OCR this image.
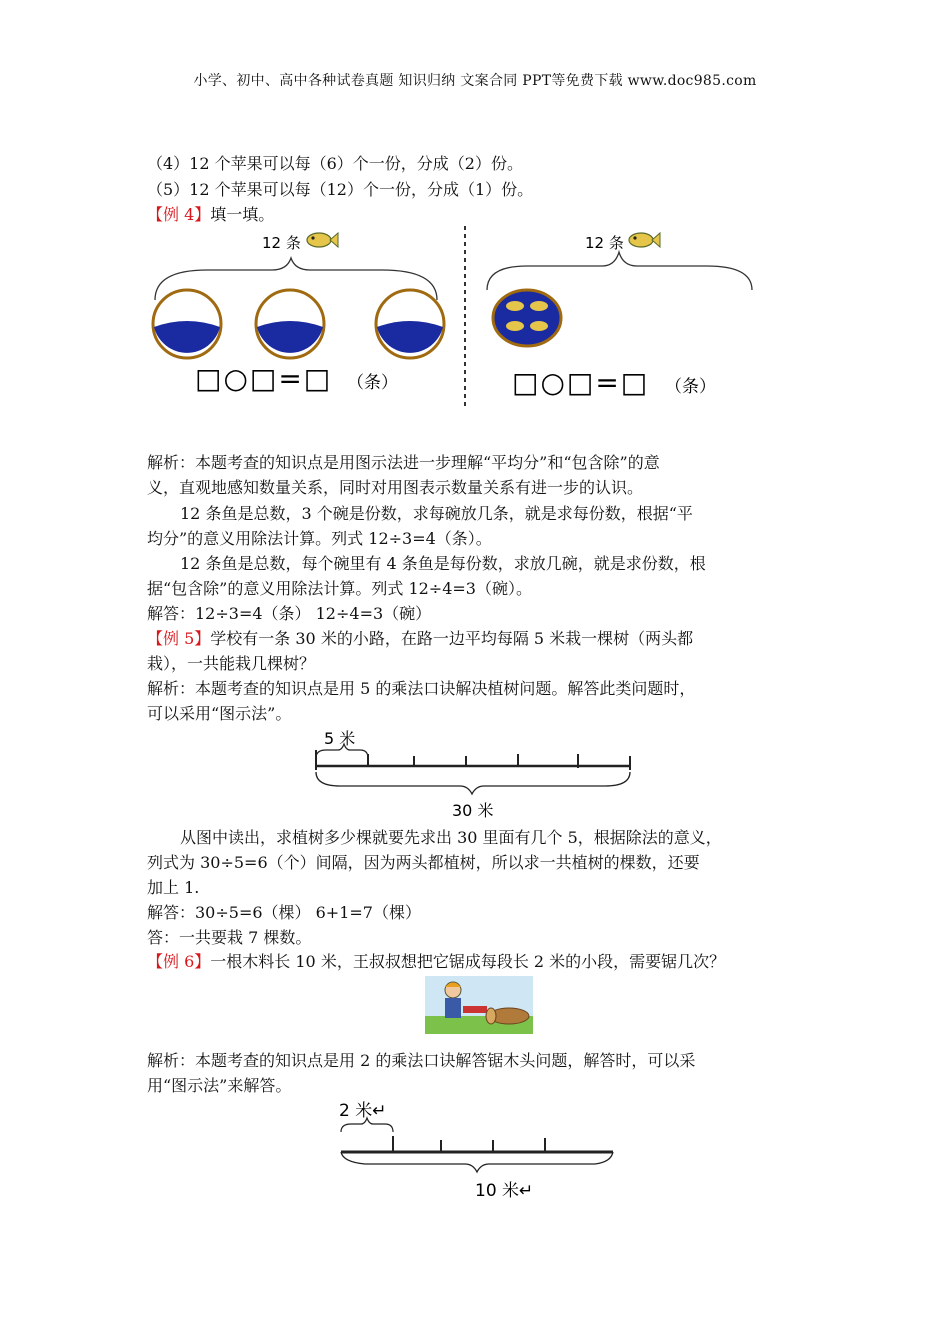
小学、初中、高中各种试卷真题 知识归纳 文案合同 PPT等免费下载 www.doc985.com
（4）12 个苹果可以每（6）个一份，分成（2）份。
（5）12 个苹果可以每（12）个一份，分成（1）份。
【例 4】填一填。
12 条
□○□=□ （条）
12 条
□○□=□ （条）
解析：本题考查的知识点是用图示法进一步理解“平均分”和“包含除”的意
义，直观地感知数量关系，同时对用图表示数量关系有进一步的认识。
12 条鱼是总数，3 个碗是份数，求每碗放几条，就是求每份数，根据“平
均分”的意义用除法计算。列式 12÷3=4（条）。
12 条鱼是总数，每个碗里有 4 条鱼是每份数，求放几碗，就是求份数，根
据“包含除”的意义用除法计算。列式 12÷4=3（碗）。
解答：12÷3=4（条） 12÷4=3（碗）
【例 5】学校有一条 30 米的小路，在路一边平均每隔 5 米栽一棵树（两头都
栽），一共能栽几棵树？
解析：本题考查的知识点是用 5 的乘法口诀解决植树问题。解答此类问题时，
可以采用“图示法”。
5 米
30 米
从图中读出，求植树多少棵就要先求出 30 里面有几个 5，根据除法的意义，
列式为 30÷5=6（个）间隔，因为两头都植树，所以求一共植树的棵数，还要
加上 1.
解答：30÷5=6（棵） 6+1=7（棵）
答：一共要栽 7 棵数。
【例 6】一根木料长 10 米，王叔叔想把它锯成每段长 2 米的小段，需要锯几次？
解析：本题考查的知识点是用 2 的乘法口诀解答锯木头问题，解答时，可以采
用“图示法”来解答。
2 米↵
10 米↵
